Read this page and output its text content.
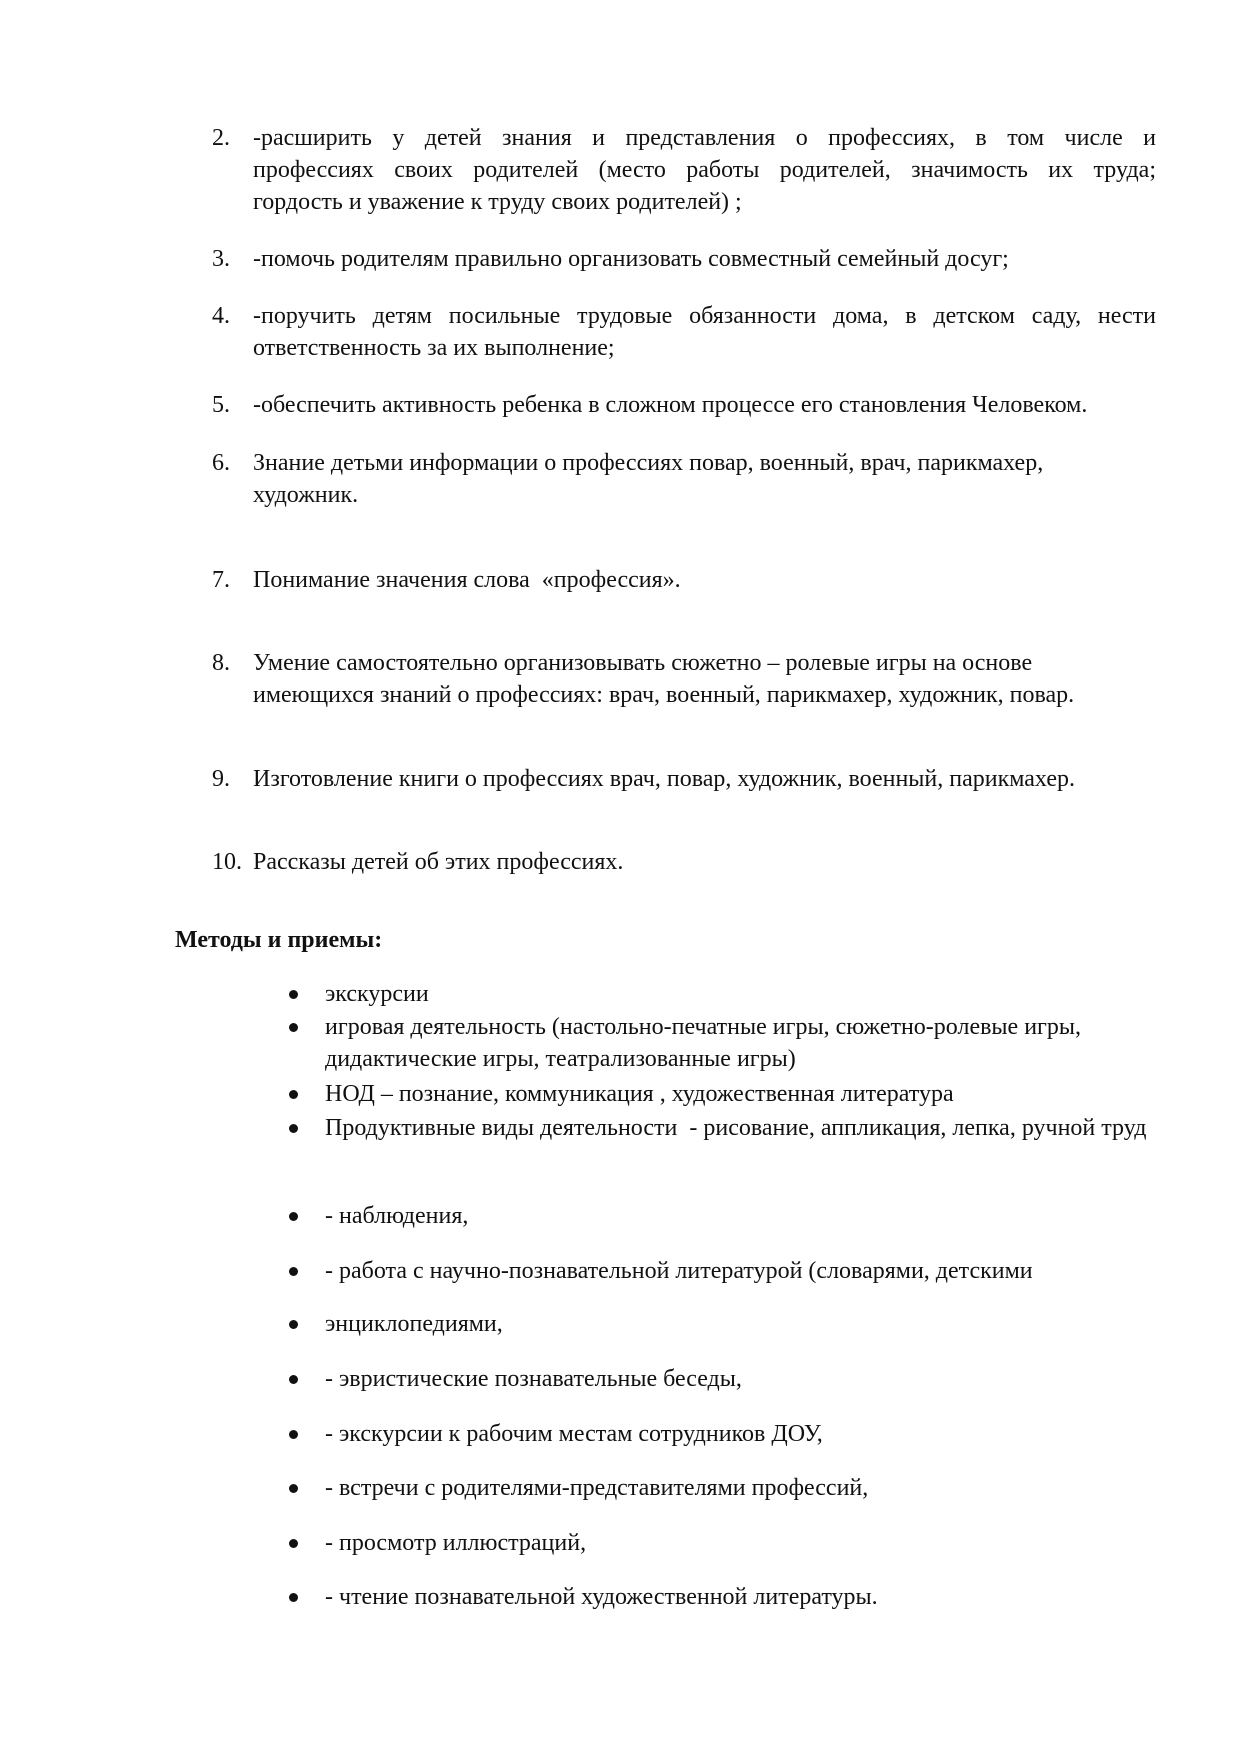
2. -расширить у детей знания и представления о профессиях, в том числе и
профессиях своих родителей (место работы родителей, значимость их труда;
гордость и уважение к труду своих родителей) ;
3. -помочь родителям правильно организовать совместный семейный досуг;
4. -поручить детям посильные трудовые обязанности дома, в детском саду, нести
ответственность за их выполнение;
5. -обеспечить активность ребенка в сложном процессе его становления Человеком.
6. Знание детьми информации о профессиях повар, военный, врач, парикмахер, художник.
7. Понимание значения слова  «профессия».
8. Умение самостоятельно организовывать сюжетно – ролевые игры на основе имеющихся знаний о профессиях: врач, военный, парикмахер, художник, повар.
9. Изготовление книги о профессиях врач, повар, художник, военный, парикмахер.
10. Рассказы детей об этих профессиях.
Методы и приемы:
экскурсии
игровая деятельность (настольно-печатные игры, сюжетно-ролевые игры, дидактические игры, театрализованные игры)
НОД – познание, коммуникация , художественная литература
Продуктивные виды деятельности  - рисование, аппликация, лепка, ручной труд
- наблюдения,
- работа с научно-познавательной литературой (словарями, детскими
энциклопедиями,
- эвристические познавательные беседы,
- экскурсии к рабочим местам сотрудников ДОУ,
- встречи с родителями-представителями профессий,
- просмотр иллюстраций,
- чтение познавательной художественной литературы.
